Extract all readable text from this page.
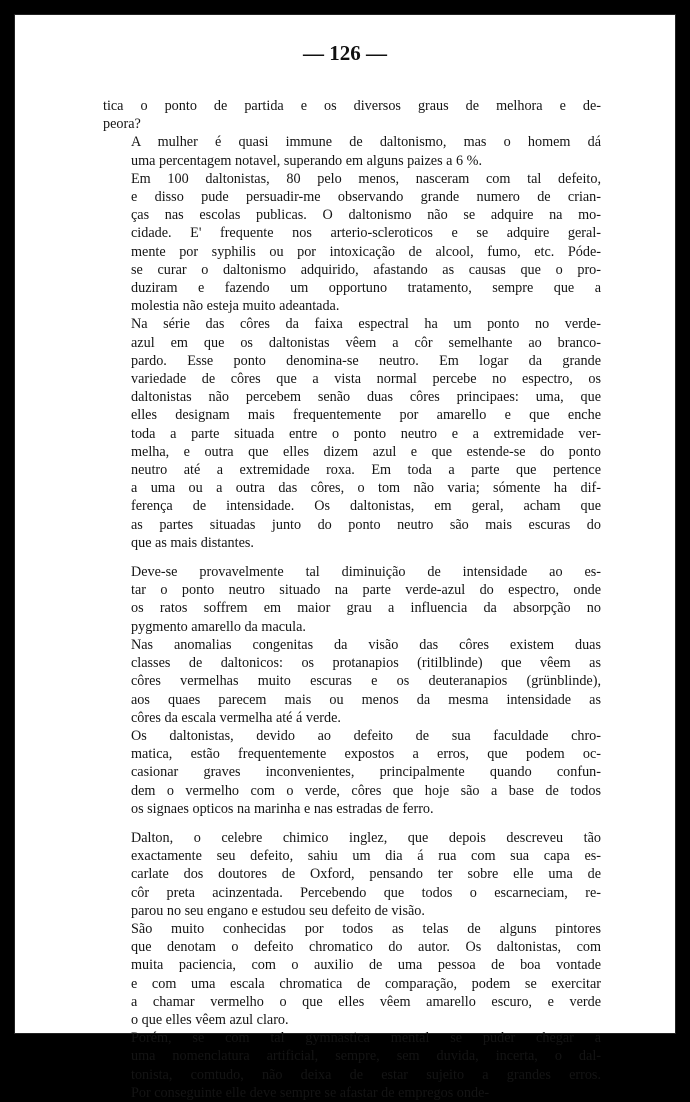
— 126 —

tica o ponto de partida e os diversos graus de melhora e de-
peora?

A mulher é quasi immune de daltonismo, mas o homem dá
uma percentagem notavel, superando em alguns paizes a 6 %.

Em 100 daltonistas, 80 pelo menos, nasceram com tal defeito,
e disso pude persuadir-me observando grande numero de crian-
ças nas escolas publicas. O daltonismo não se adquire na mo-
cidade. E' frequente nos arterio-scleroticos e se adquire geral-
mente por syphilis ou por intoxicação de alcool, fumo, etc. Póde-
se curar o daltonismo adquirido, afastando as causas que o pro-
duziram e fazendo um opportuno tratamento, sempre que a
molestia não esteja muito adeantada.

Na série das côres da faixa espectral ha um ponto no verde-
azul em que os daltonistas vêem a côr semelhante ao branco-
pardo. Esse ponto denomina-se neutro. Em logar da grande
variedade de côres que a vista normal percebe no espectro, os
daltonistas não percebem senão duas côres principaes: uma, que
elles designam mais frequentemente por amarello e que enche
toda a parte situada entre o ponto neutro e a extremidade ver-
melha, e outra que elles dizem azul e que estende-se do ponto
neutro até a extremidade roxa. Em toda a parte que pertence
a uma ou a outra das côres, o tom não varia; sómente ha dif-
ferença de intensidade. Os daltonistas, em geral, acham que
as partes situadas junto do ponto neutro são mais escuras do
que as mais distantes.

Deve-se provavelmente tal diminuição de intensidade ao es-
tar o ponto neutro situado na parte verde-azul do espectro, onde
os ratos soffrem em maior grau a influencia da absorpção no
pygmento amarello da macula.

Nas anomalias congenitas da visão das côres existem duas
classes de daltonicos: os protanapios (ritilblinde) que vêem as
côres vermelhas muito escuras e os deuteranapios (grünblinde),
aos quaes parecem mais ou menos da mesma intensidade as
côres da escala vermelha até á verde.

Os daltonistas, devido ao defeito de sua faculdade chro-
matica, estão frequentemente expostos a erros, que podem oc-
casionar graves inconvenientes, principalmente quando confun-
dem o vermelho com o verde, côres que hoje são a base de todos
os signaes opticos na marinha e nas estradas de ferro.

Dalton, o celebre chimico inglez, que depois descreveu tão
exactamente seu defeito, sahiu um dia á rua com sua capa es-
carlate dos doutores de Oxford, pensando ter sobre elle uma de
côr preta acinzentada. Percebendo que todos o escarneciam, re-
parou no seu engano e estudou seu defeito de visão.

São muito conhecidas por todos as telas de alguns pintores
que denotam o defeito chromatico do autor. Os daltonistas, com
muita paciencia, com o auxilio de uma pessoa de boa vontade
e com uma escala chromatica de comparação, podem se exercitar
a chamar vermelho o que elles vêem amarello escuro, e verde
o que elles vêem azul claro.

Porém, se com tal gymnastica mental se puder chegar a
uma nomenclatura artificial, sempre, sem duvida, incerta, o dal-
tonista, comtudo, não deixa de estar sujeito a grandes erros.
Por conseguinte elle deve sempre se afastar de empregos onde-
